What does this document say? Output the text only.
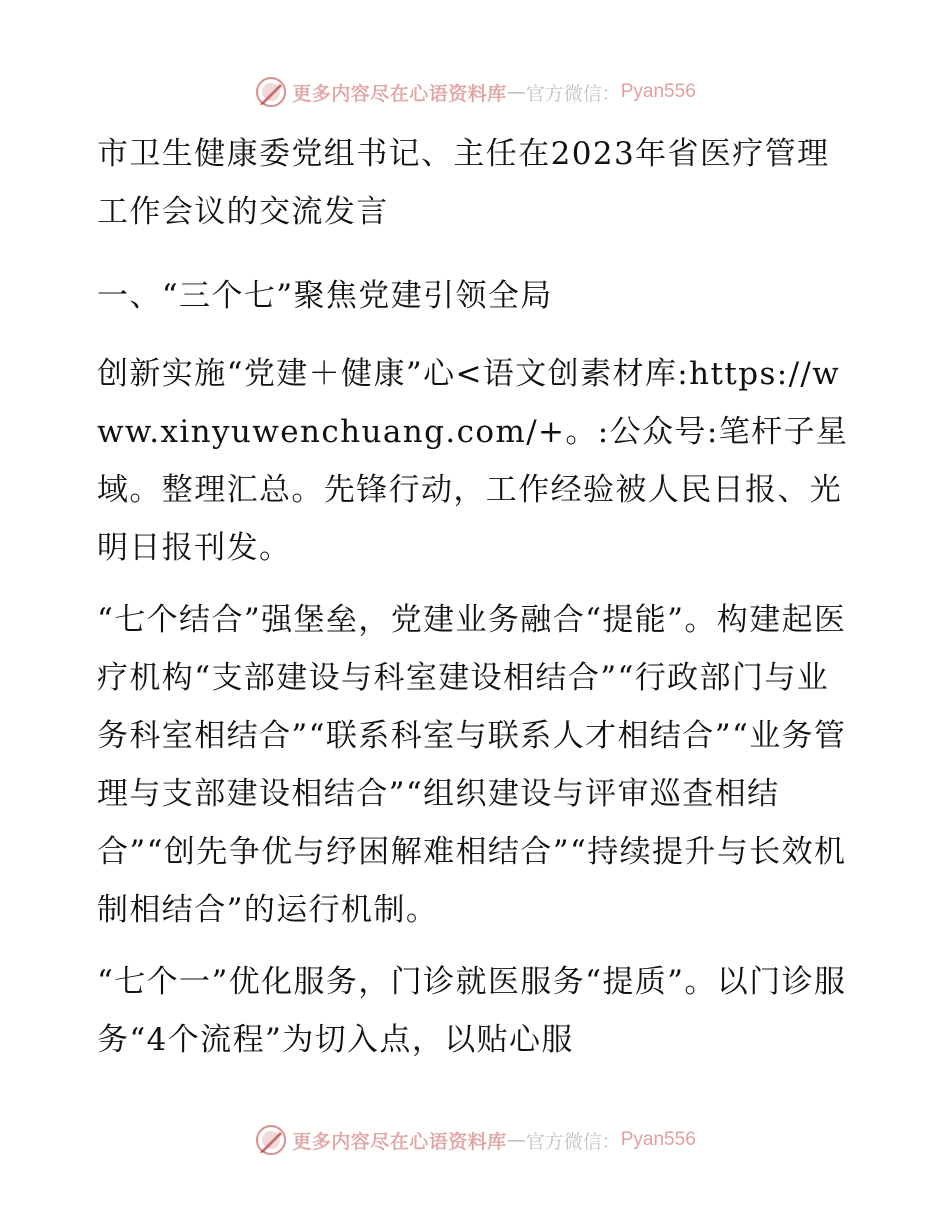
更多内容尽在心语资料库 — 官方微信： Pyan556

市卫生健康委党组书记、主任在2023年省医疗管理工作会议的交流发言

一、“三个七”聚焦党建引领全局

创新实施“党建＋健康”心<语文创素材库:https://www.xinyuwenchuang.com/+。:公众号:笔杆子星域。整理汇总。先锋行动，工作经验被人民日报、光明日报刊发。

“七个结合”强堡垒，党建业务融合“提能”。构建起医疗机构“支部建设与科室建设相结合”“行政部门与业务科室相结合”“联系科室与联系人才相结合”“业务管理与支部建设相结合”“组织建设与评审巡查相结合”“创先争优与纾困解难相结合”“持续提升与长效机制相结合”的运行机制。

“七个一”优化服务，门诊就医服务“提质”。以门诊服务“4个流程”为切入点，以贴心服

更多内容尽在心语资料库 — 官方微信： Pyan556
